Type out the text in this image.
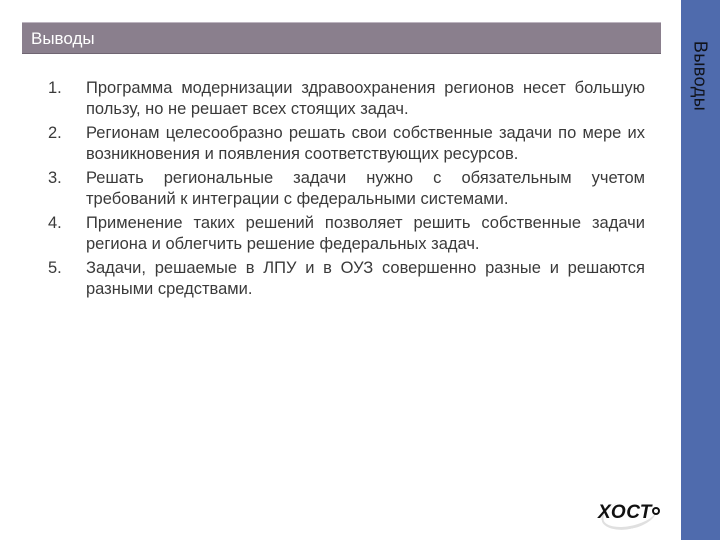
Выводы
Выводы
1.	Программа модернизации здравоохранения регионов несет большую пользу, но не решает всех стоящих задач.
2.	Регионам целесообразно решать свои собственные задачи по мере их возникновения и появления соответствующих ресурсов.
3.	Решать региональные задачи нужно с обязательным учетом требований к интеграции с федеральными системами.
4.	Применение таких решений позволяет решить собственные задачи региона и облегчить решение федеральных задач.
5.	Задачи, решаемые в ЛПУ и в ОУЗ совершенно разные и решаются разными средствами.
ХОСТ
